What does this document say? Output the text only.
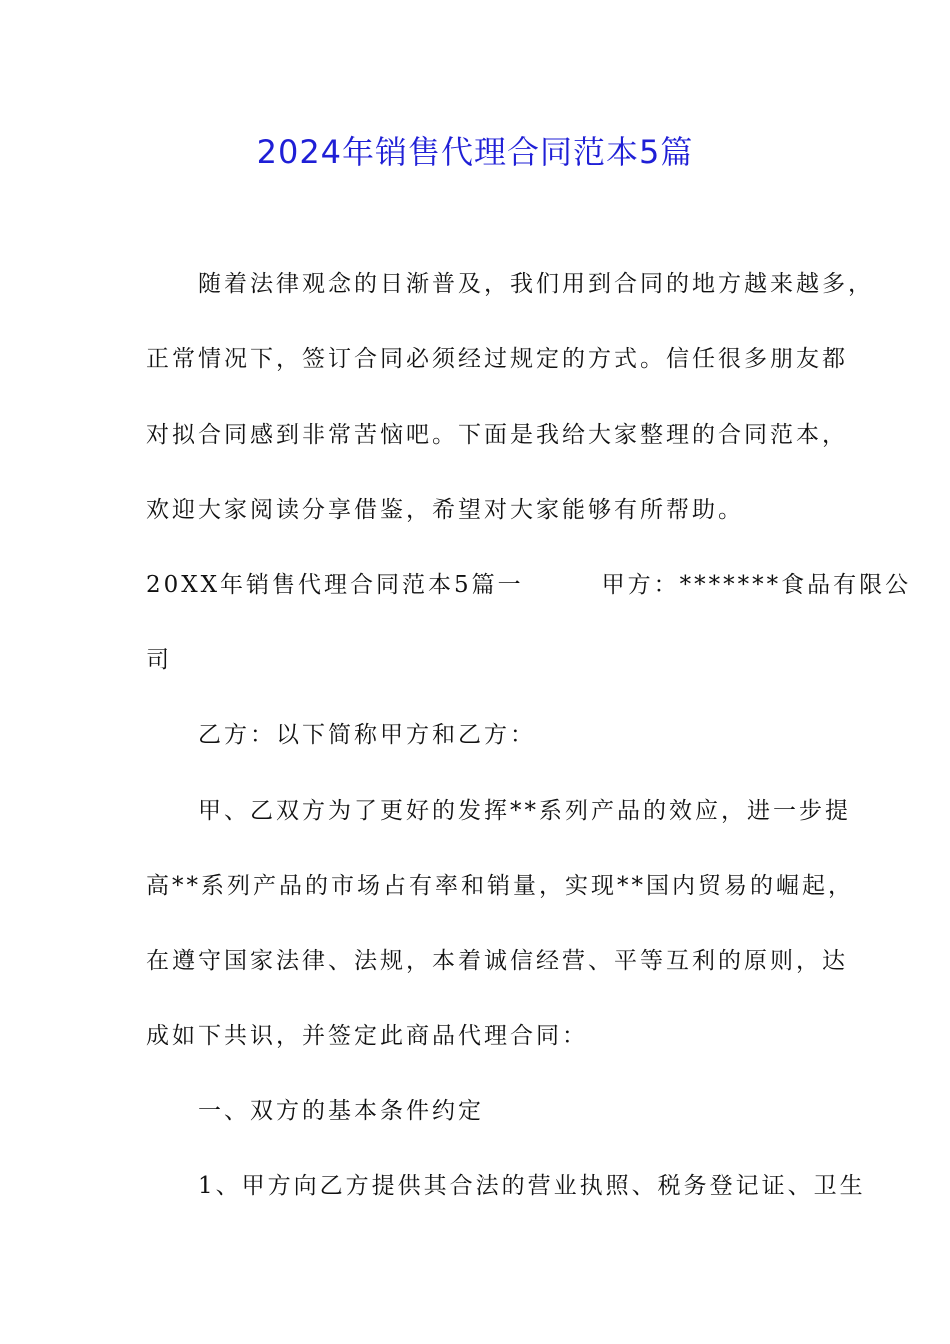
2024年销售代理合同范本5篇
　　随着法律观念的日渐普及，我们用到合同的地方越来越多，
正常情况下，签订合同必须经过规定的方式。信任很多朋友都
对拟合同感到非常苦恼吧。下面是我给大家整理的合同范本，
欢迎大家阅读分享借鉴，希望对大家能够有所帮助。
20XX年销售代理合同范本5篇一　　　甲方：*******食品有限公
司
　　乙方：以下简称甲方和乙方：
　　甲、乙双方为了更好的发挥**系列产品的效应，进一步提
高**系列产品的市场占有率和销量，实现**国内贸易的崛起，
在遵守国家法律、法规，本着诚信经营、平等互利的原则，达
成如下共识，并签定此商品代理合同：
　　一、双方的基本条件约定
　　1、甲方向乙方提供其合法的营业执照、税务登记证、卫生
